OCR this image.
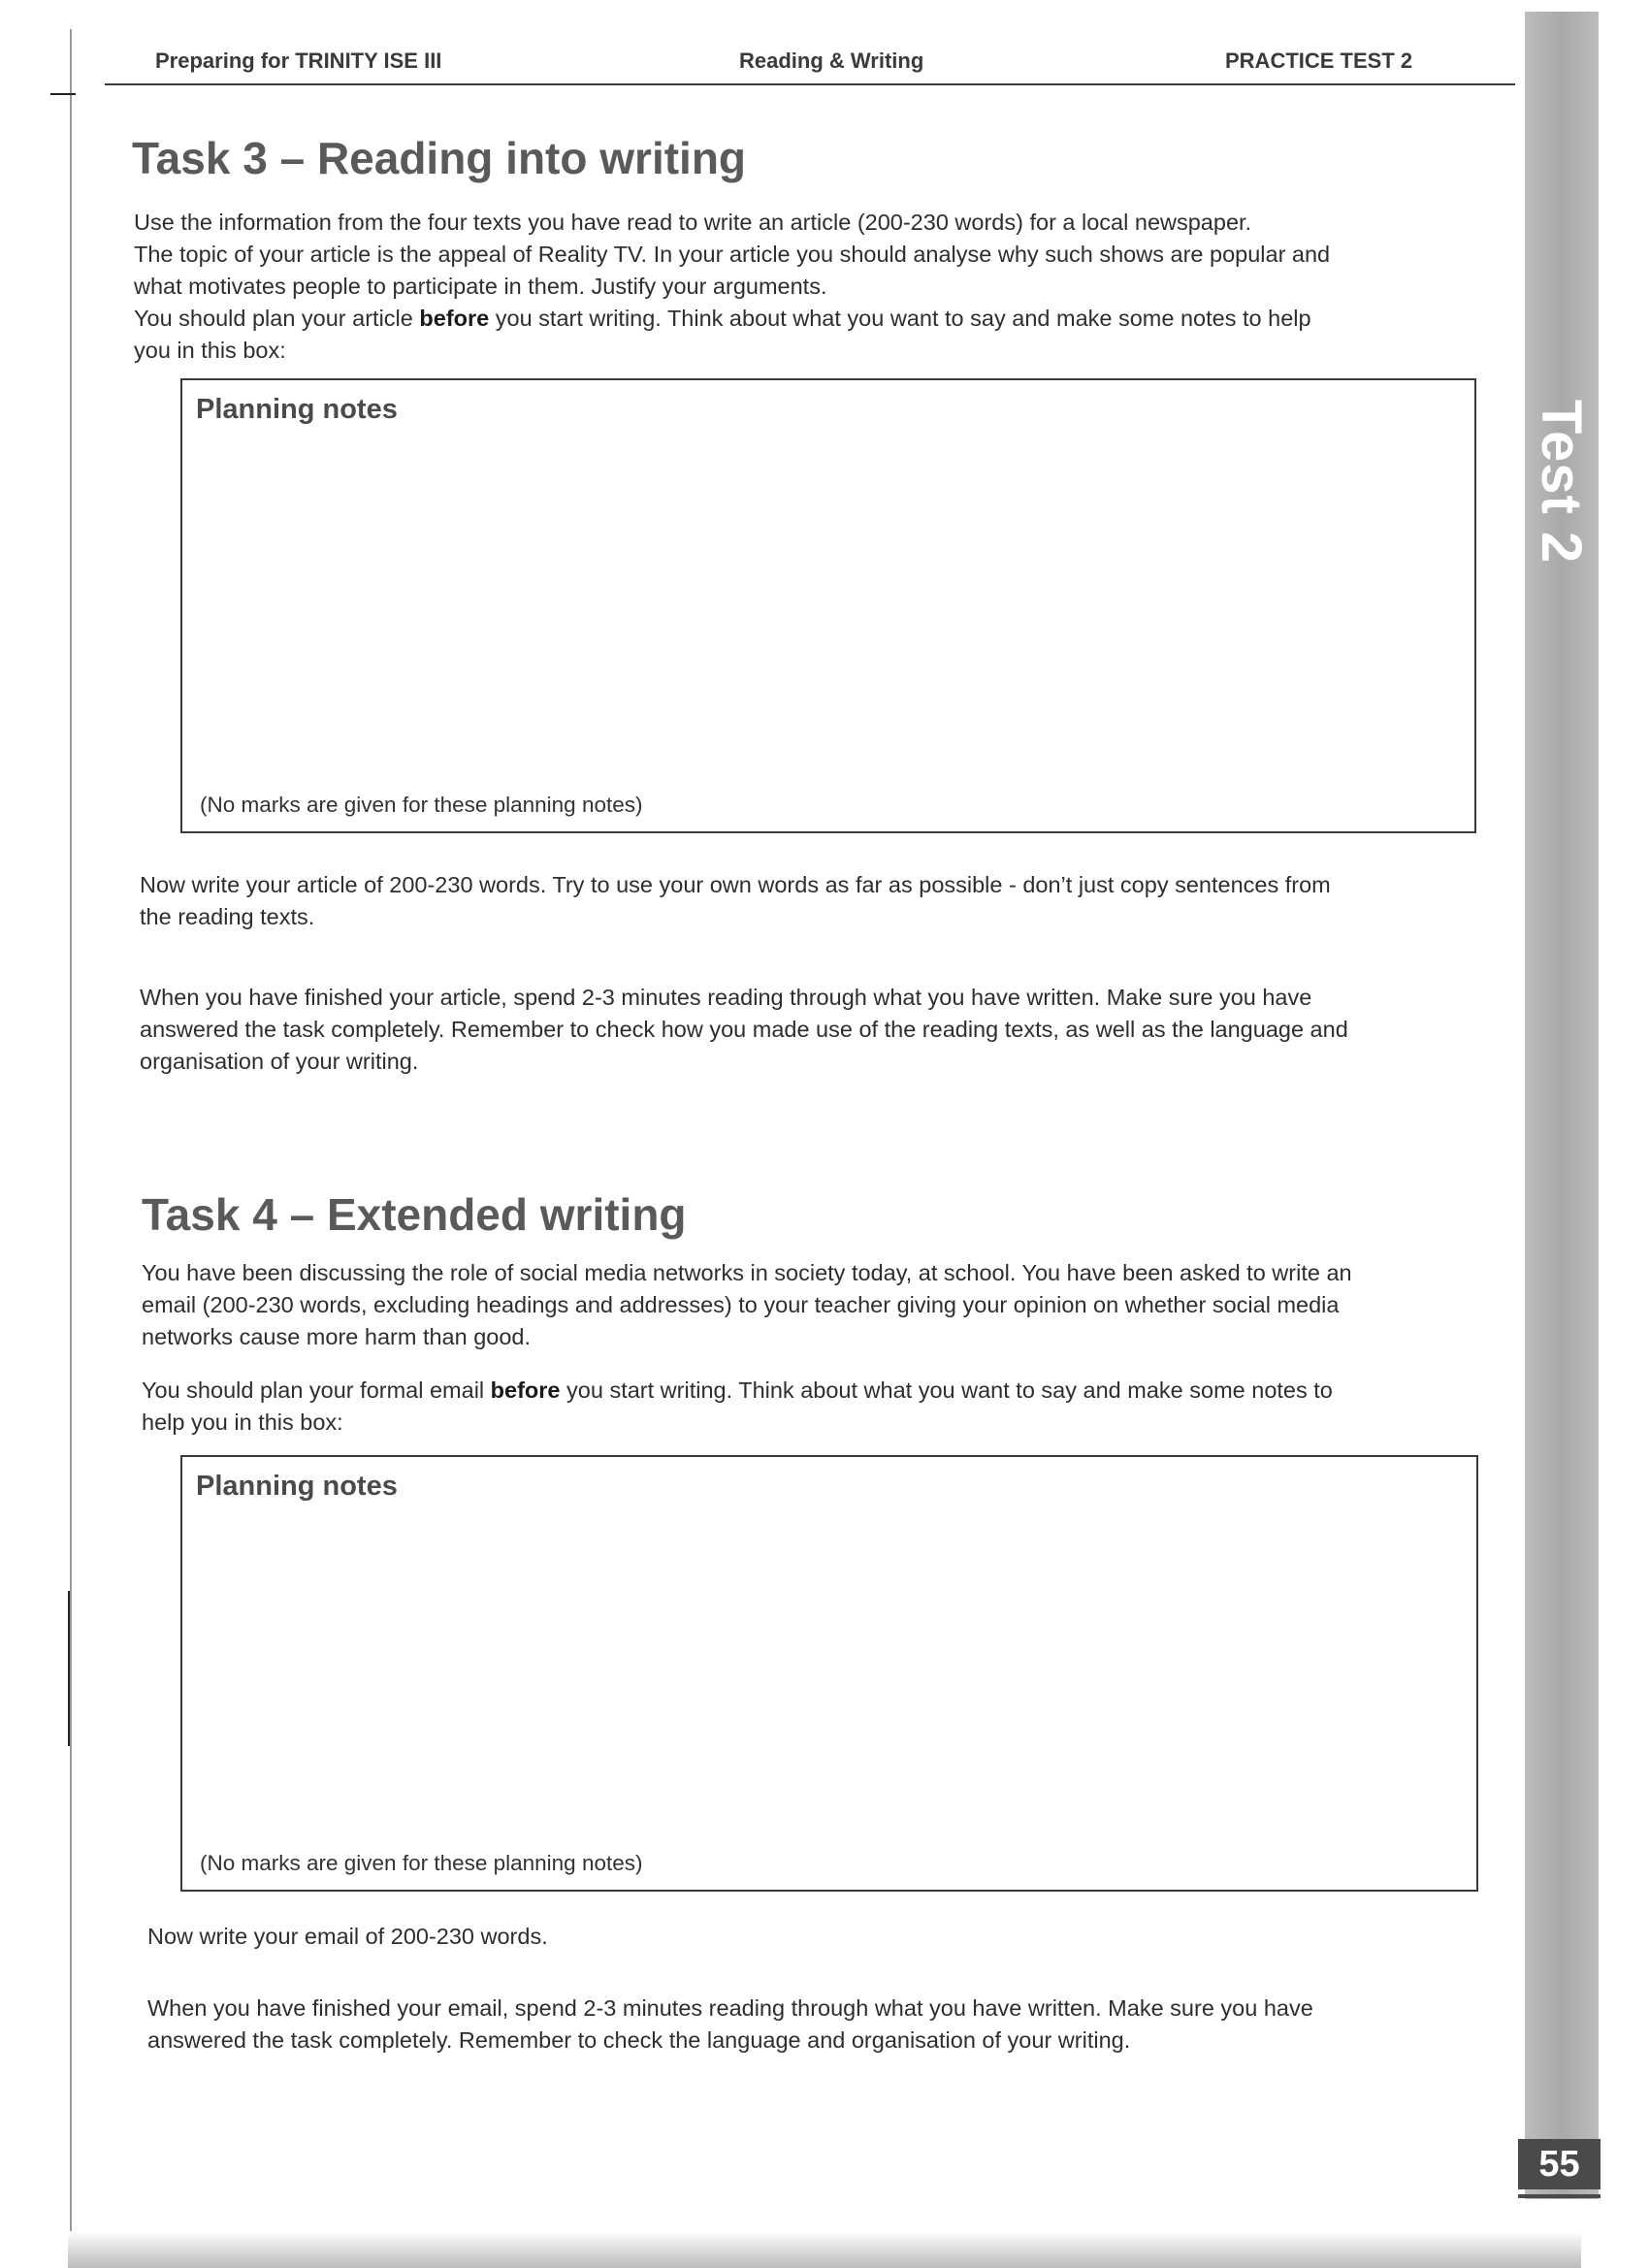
Test 2
55
Preparing for TRINITY ISE III	Reading & Writing	PRACTICE TEST 2
Task 3 – Reading into writing

Use the information from the four texts you have read to write an article (200-230 words) for a local newspaper.
The topic of your article is the appeal of Reality TV. In your article you should analyse why such shows are popular and
what motivates people to participate in them. Justify your arguments.
You should plan your article before you start writing. Think about what you want to say and make some notes to help
you in this box:

Planning notes
(No marks are given for these planning notes)

Now write your article of 200-230 words. Try to use your own words as far as possible - don’t just copy sentences from
the reading texts.

When you have finished your article, spend 2-3 minutes reading through what you have written. Make sure you have
answered the task completely. Remember to check how you made use of the reading texts, as well as the language and
organisation of your writing.

Task 4 – Extended writing

You have been discussing the role of social media networks in society today, at school. You have been asked to write an
email (200-230 words, excluding headings and addresses) to your teacher giving your opinion on whether social media
networks cause more harm than good.

You should plan your formal email before you start writing. Think about what you want to say and make some notes to
help you in this box:

Planning notes
(No marks are given for these planning notes)

Now write your email of 200-230 words.

When you have finished your email, spend 2-3 minutes reading through what you have written. Make sure you have
answered the task completely. Remember to check the language and organisation of your writing.
